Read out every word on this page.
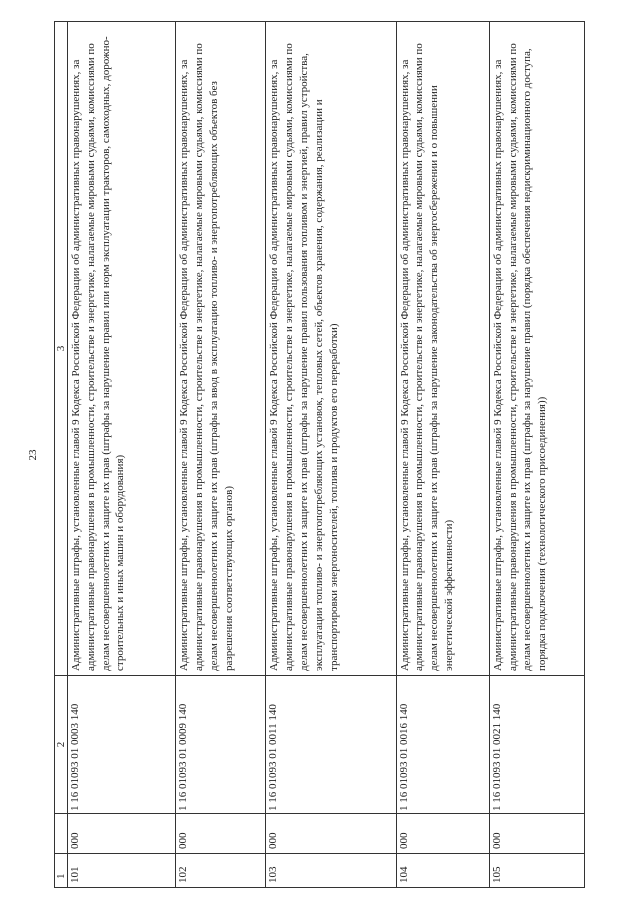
23
1		2	3
101	000	1 16 01093 01 0003 140	Административные штрафы, установленные главой 9 Кодекса Российской Федерации об административных правонарушениях, за административные правонарушения в промышленности, строительстве и энергетике, налагаемые мировыми судьями, комиссиями по делам несовершеннолетних и защите их прав (штрафы за нарушение правил или норм эксплуатации тракторов, самоходных, дорожно-строительных и иных машин и оборудования)
102	000	1 16 01093 01 0009 140	Административные штрафы, установленные главой 9 Кодекса Российской Федерации об административных правонарушениях, за административные правонарушения в промышленности, строительстве и энергетике, налагаемые мировыми судьями, комиссиями по делам несовершеннолетних и защите их прав (штрафы за ввод в эксплуатацию топливо- и энергопотребляющих объектов без разрешения соответствующих органов)
103	000	1 16 01093 01 0011 140	Административные штрафы, установленные главой 9 Кодекса Российской Федерации об административных правонарушениях, за административные правонарушения в промышленности, строительстве и энергетике, налагаемые мировыми судьями, комиссиями по делам несовершеннолетних и защите их прав (штрафы за нарушение правил пользования топливом и энергией, правил устройства, эксплуатации топливо- и энергопотребляющих установок, тепловых сетей, объектов хранения, содержания, реализации и транспортировки энергоносителей, топлива и продуктов его переработки)
104	000	1 16 01093 01 0016 140	Административные штрафы, установленные главой 9 Кодекса Российской Федерации об административных правонарушениях, за административные правонарушения в промышленности, строительстве и энергетике, налагаемые мировыми судьями, комиссиями по делам несовершеннолетних и защите их прав (штрафы за нарушение законодательства об энергосбережении и о повышении энергетической эффективности)
105	000	1 16 01093 01 0021 140	Административные штрафы, установленные главой 9 Кодекса Российской Федерации об административных правонарушениях, за административные правонарушения в промышленности, строительстве и энергетике, налагаемые мировыми судьями, комиссиями по делам несовершеннолетних и защите их прав (штрафы за нарушение правил (порядка обеспечения недискриминационного доступа, порядка подключения (технологического присоединения))
